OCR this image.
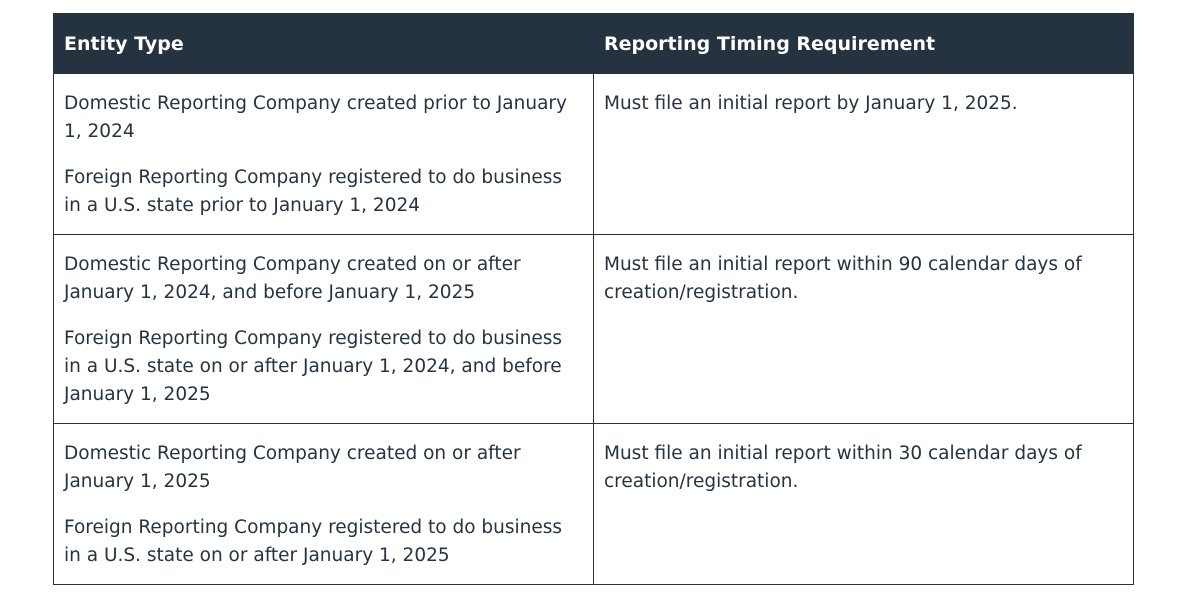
Entity Type	Reporting Timing Requirement

Domestic Reporting Company created prior to January 1, 2024

Foreign Reporting Company registered to do business in a U.S. state prior to January 1, 2024	Must file an initial report by January 1, 2025.

Domestic Reporting Company created on or after January 1, 2024, and before January 1, 2025

Foreign Reporting Company registered to do business in a U.S. state on or after January 1, 2024, and before January 1, 2025	Must file an initial report within 90 calendar days of creation/registration.

Domestic Reporting Company created on or after January 1, 2025

Foreign Reporting Company registered to do business in a U.S. state on or after January 1, 2025	Must file an initial report within 30 calendar days of creation/registration.
